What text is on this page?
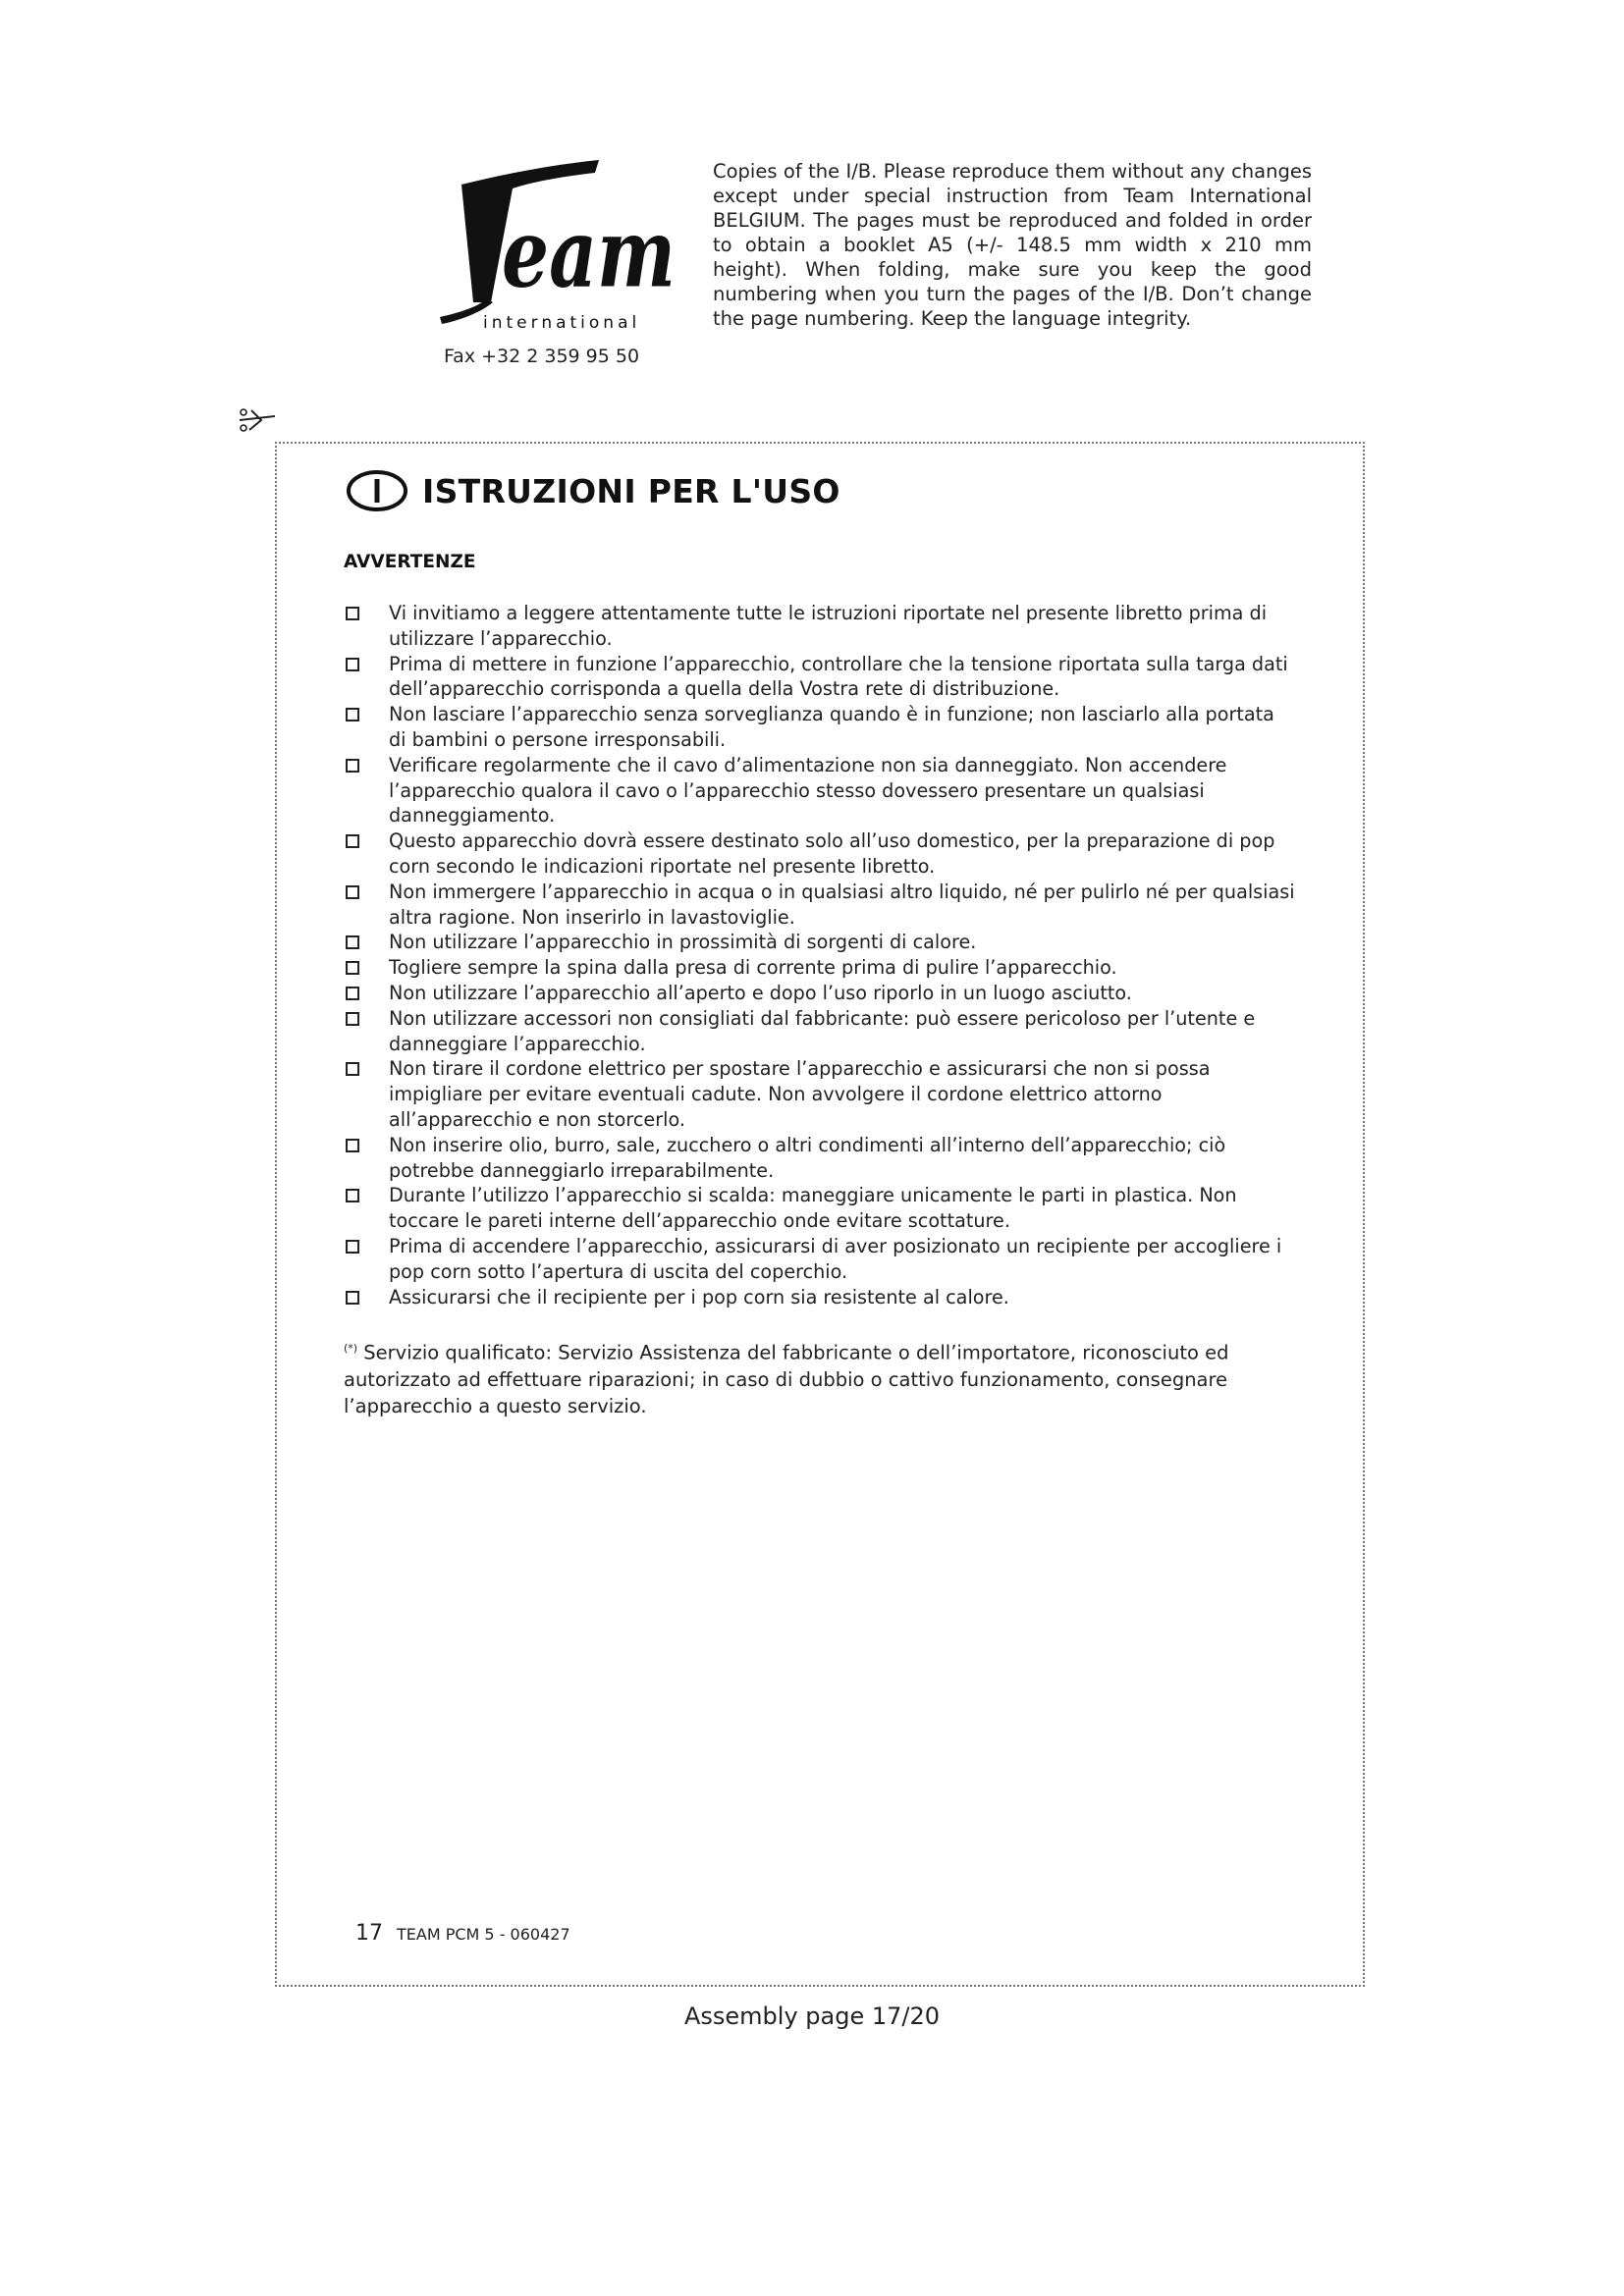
eam
international
Fax +32 2 359 95 50
Copies of the I/B. Please reproduce them without any changes except under special instruction from Team International BELGIUM. The pages must be reproduced and folded in order to obtain a booklet A5 (+/- 148.5 mm width x 210 mm height). When folding, make sure you keep the good numbering when you turn the pages of the I/B. Don’t change the page numbering. Keep the language integrity.
ISTRUZIONI PER L'USO
AVVERTENZE
Vi invitiamo a leggere attentamente tutte le istruzioni riportate nel presente libretto prima di utilizzare l’apparecchio.
Prima di mettere in funzione l’apparecchio, controllare che la tensione riportata sulla targa dati dell’apparecchio corrisponda a quella della Vostra rete di distribuzione.
Non lasciare l’apparecchio senza sorveglianza quando è in funzione; non lasciarlo alla portata di bambini o persone irresponsabili.
Verificare regolarmente che il cavo d’alimentazione non sia danneggiato. Non accendere l’apparecchio qualora il cavo o l’apparecchio stesso dovessero presentare un qualsiasi danneggiamento.
Questo apparecchio dovrà essere destinato solo all’uso domestico, per la preparazione di pop corn secondo le indicazioni riportate nel presente libretto.
Non immergere l’apparecchio in acqua o in qualsiasi altro liquido, né per pulirlo né per qualsiasi altra ragione. Non inserirlo in lavastoviglie.
Non utilizzare l’apparecchio in prossimità di sorgenti di calore.
Togliere sempre la spina dalla presa di corrente prima di pulire l’apparecchio.
Non utilizzare l’apparecchio all’aperto e dopo l’uso riporlo in un luogo asciutto.
Non utilizzare accessori non consigliati dal fabbricante: può essere pericoloso per l’utente e danneggiare l’apparecchio.
Non tirare il cordone elettrico per spostare l’apparecchio e assicurarsi che non si possa impigliare per evitare eventuali cadute. Non avvolgere il cordone elettrico attorno all’apparecchio e non storcerlo.
Non inserire olio, burro, sale, zucchero o altri condimenti all’interno dell’apparecchio; ciò potrebbe danneggiarlo irreparabilmente.
Durante l’utilizzo l’apparecchio si scalda: maneggiare unicamente le parti in plastica. Non toccare le pareti interne dell’apparecchio onde evitare scottature.
Prima di accendere l’apparecchio, assicurarsi di aver posizionato un recipiente per accogliere i pop corn sotto l’apertura di uscita del coperchio.
Assicurarsi che il recipiente per i pop corn sia resistente al calore.
(*) Servizio qualificato: Servizio Assistenza del fabbricante o dell’importatore, riconosciuto ed autorizzato ad effettuare riparazioni; in caso di dubbio o cattivo funzionamento, consegnare l’apparecchio a questo servizio.
17 TEAM PCM 5 - 060427
Assembly page 17/20
